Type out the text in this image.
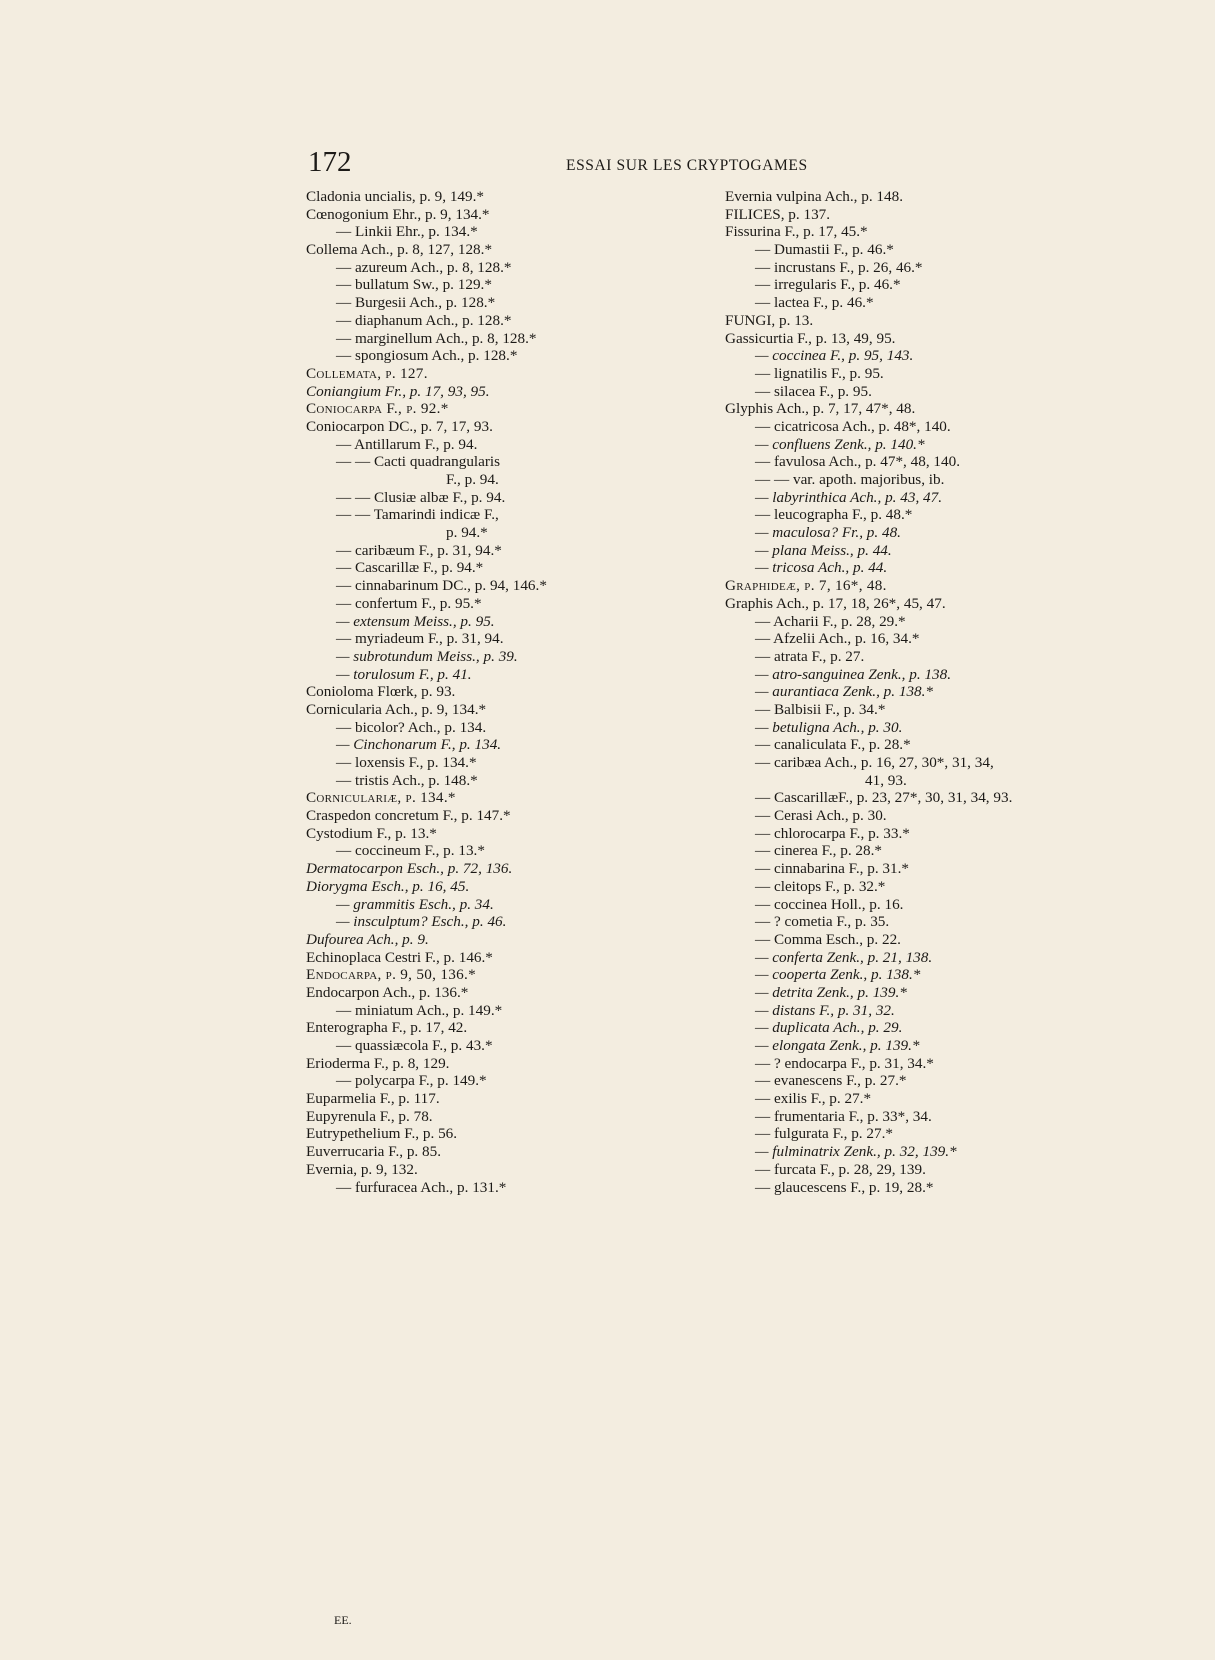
172	ESSAI SUR LES CRYPTOGAMES
Cladonia uncialis, p. 9, 149.*
Cœnogonium Ehr., p. 9, 134.*
— Linkii Ehr., p. 134.*
Collema Ach., p. 8, 127, 128.*
— azureum Ach., p. 8, 128.*
— bullatum Sw., p. 129.*
— Burgesii Ach., p. 128.*
— diaphanum Ach., p. 128.*
— marginellum Ach., p. 8, 128.*
— spongiosum Ach., p. 128.*
Collemata, p. 127.
Coniangium Fr., p. 17, 93, 95.
Coniocarpa F., p. 92.*
Coniocarpon DC., p. 7, 17, 93.
— Antillarum F., p. 94.
— — Cacti quadrangularis
F., p. 94.
— — Clusiæ albæ F., p. 94.
— — Tamarindi indicæ F.,
p. 94.*
— caribæum F., p. 31, 94.*
— Cascarillæ F., p. 94.*
— cinnabarinum DC., p. 94, 146.*
— confertum F., p. 95.*
— extensum Meiss., p. 95.
— myriadeum F., p. 31, 94.
— subrotundum Meiss., p. 39.
— torulosum F., p. 41.
Conioloma Flœrk, p. 93.
Cornicularia Ach., p. 9, 134.*
— bicolor? Ach., p. 134.
— Cinchonarum F., p. 134.
— loxensis F., p. 134.*
— tristis Ach., p. 148.*
Corniculariæ, p. 134.*
Craspedon concretum F., p. 147.*
Cystodium F., p. 13.*
— coccineum F., p. 13.*
Dermatocarpon Esch., p. 72, 136.
Diorygma Esch., p. 16, 45.
— grammitis Esch., p. 34.
— insculptum? Esch., p. 46.
Dufourea Ach., p. 9.
Echinoplaca Cestri F., p. 146.*
Endocarpa, p. 9, 50, 136.*
Endocarpon Ach., p. 136.*
— miniatum Ach., p. 149.*
Enterographa F., p. 17, 42.
— quassiæcola F., p. 43.*
Erioderma F., p. 8, 129.
— polycarpa F., p. 149.*
Euparmelia F., p. 117.
Eupyrenula F., p. 78.
Eutrypethelium F., p. 56.
Euverrucaria F., p. 85.
Evernia, p. 9, 132.
— furfuracea Ach., p. 131.*
Evernia vulpina Ach., p. 148.
FILICES, p. 137.
Fissurina F., p. 17, 45.*
— Dumastii F., p. 46.*
— incrustans F., p. 26, 46.*
— irregularis F., p. 46.*
— lactea F., p. 46.*
FUNGI, p. 13.
Gassicurtia F., p. 13, 49, 95.
— coccinea F., p. 95, 143.
— lignatilis F., p. 95.
— silacea F., p. 95.
Glyphis Ach., p. 7, 17, 47*, 48.
— cicatricosa Ach., p. 48*, 140.
— confluens Zenk., p. 140.*
— favulosa Ach., p. 47*, 48, 140.
— — var. apoth. majoribus, ib.
— labyrinthica Ach., p. 43, 47.
— leucographa F., p. 48.*
— maculosa? Fr., p. 48.
— plana Meiss., p. 44.
— tricosa Ach., p. 44.
Graphideæ, p. 7, 16*, 48.
Graphis Ach., p. 17, 18, 26*, 45, 47.
— Acharii F., p. 28, 29.*
— Afzelii Ach., p. 16, 34.*
— atrata F., p. 27.
— atro-sanguinea Zenk., p. 138.
— aurantiaca Zenk., p. 138.*
— Balbisii F., p. 34.*
— betuligna Ach., p. 30.
— canaliculata F., p. 28.*
— caribæa Ach., p. 16, 27, 30*, 31, 34,
41, 93.
— CascarillæF., p. 23, 27*, 30, 31, 34, 93.
— Cerasi Ach., p. 30.
— chlorocarpa F., p. 33.*
— cinerea F., p. 28.*
— cinnabarina F., p. 31.*
— cleitops F., p. 32.*
— coccinea Holl., p. 16.
— ? cometia F., p. 35.
— Comma Esch., p. 22.
— conferta Zenk., p. 21, 138.
— cooperta Zenk., p. 138.*
— detrita Zenk., p. 139.*
— distans F., p. 31, 32.
— duplicata Ach., p. 29.
— elongata Zenk., p. 139.*
— ? endocarpa F., p. 31, 34.*
— evanescens F., p. 27.*
— exilis F., p. 27.*
— frumentaria F., p. 33*, 34.
— fulgurata F., p. 27.*
— fulminatrix Zenk., p. 32, 139.*
— furcata F., p. 28, 29, 139.
— glaucescens F., p. 19, 28.*
EE.
